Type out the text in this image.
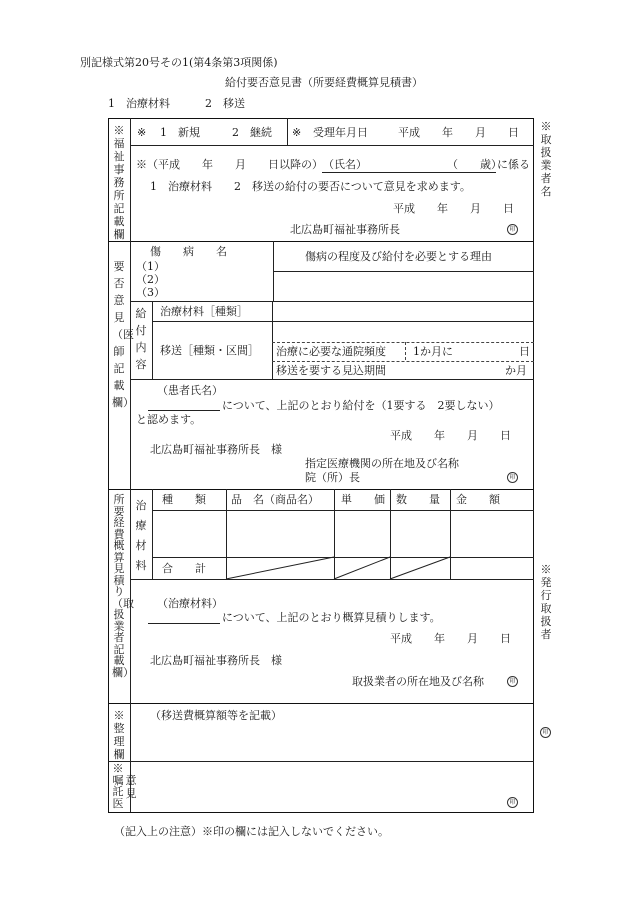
別記様式第20号その1(第4条第3項関係)
給付要否意見書（所要経費概算見積書）
1　治療材料	2　移送
※取扱業者名
※発行取扱者
印
※福祉事務所記載欄
※ 1　新規	2　継続 ※ 受理年月日	平成　　年　　月　　日
※（平成　　年　　月　　日以降の） （氏名）	（　　歳）
に係る
1　治療材料　　2　移送の給付の要否について意見を求めます。
平成　　年　　月　　日
北広島町福祉事務所長	印
要否意見（医師記載欄）
傷　　病　　名
（1）
（2）
（3）
傷病の程度及び給付を必要とする理由
給付内容
治療材料［種類］
移送［種類・区間］ 治療に必要な通院頻度 1か月に	日
移送を要する見込期間	か月
（患者氏名）
について、上記のとおり給付を（1要する　2要しない）
と認めます。
平成　　年　　月　　日
北広島町福祉事務所長　様
指定医療機関の所在地及び名称
院（所）長	印
所要経費概算見積り（取扱業者記載欄）
治療材料
種　　類 品　名（商品名） 単　　価 数　　量 金　　額
合　　計
（治療材料）
について、上記のとおり概算見積りします。
平成　　年　　月　　日
北広島町福祉事務所長　様
取扱業者の所在地及び名称	印
※整理欄
（移送費概算額等を記載）
※嘱託医
意見
印
（記入上の注意）※印の欄には記入しないでください。
